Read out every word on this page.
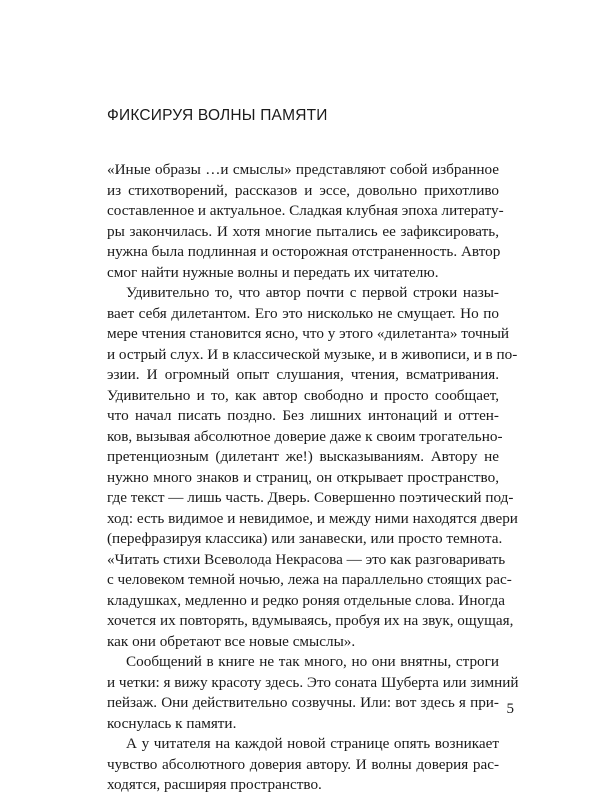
ФИКСИРУЯ ВОЛНЫ ПАМЯТИ
«Иные образы …и смыслы» представляют собой избранное
из стихотворений, рассказов и эссе, довольно прихотливо
составленное и актуальное. Сладкая клубная эпоха литерату-
ры закончилась. И хотя многие пытались ее зафиксировать,
нужна была подлинная и осторожная отстраненность. Автор
смог найти нужные волны и передать их читателю.
Удивительно то, что автор почти с первой строки назы-
вает себя дилетантом. Его это нисколько не смущает. Но по
мере чтения становится ясно, что у этого «дилетанта» точный
и острый слух. И в классической музыке, и в живописи, и в по-
эзии. И огромный опыт слушания, чтения, всматривания.
Удивительно и то, как автор свободно и просто сообщает,
что начал писать поздно. Без лишних интонаций и оттен-
ков, вызывая абсолютное доверие даже к своим трогательно-
претенциозным (дилетант же!) высказываниям. Автору не
нужно много знаков и страниц, он открывает пространство,
где текст — лишь часть. Дверь. Совершенно поэтический под-
ход: есть видимое и невидимое, и между ними находятся двери
(перефразируя классика) или занавески, или просто темнота.
«Читать стихи Всеволода Некрасова — это как разговаривать
с человеком темной ночью, лежа на параллельно стоящих рас-
кладушках, медленно и редко роняя отдельные слова. Иногда
хочется их повторять, вдумываясь, пробуя их на звук, ощущая,
как они обретают все новые смыслы».
Сообщений в книге не так много, но они внятны, строги
и четки: я вижу красоту здесь. Это соната Шуберта или зимний
пейзаж. Они действительно созвучны. Или: вот здесь я при-
коснулась к памяти.
А у читателя на каждой новой странице опять возникает
чувство абсолютного доверия автору. И волны доверия рас-
ходятся, расширяя пространство.
5
